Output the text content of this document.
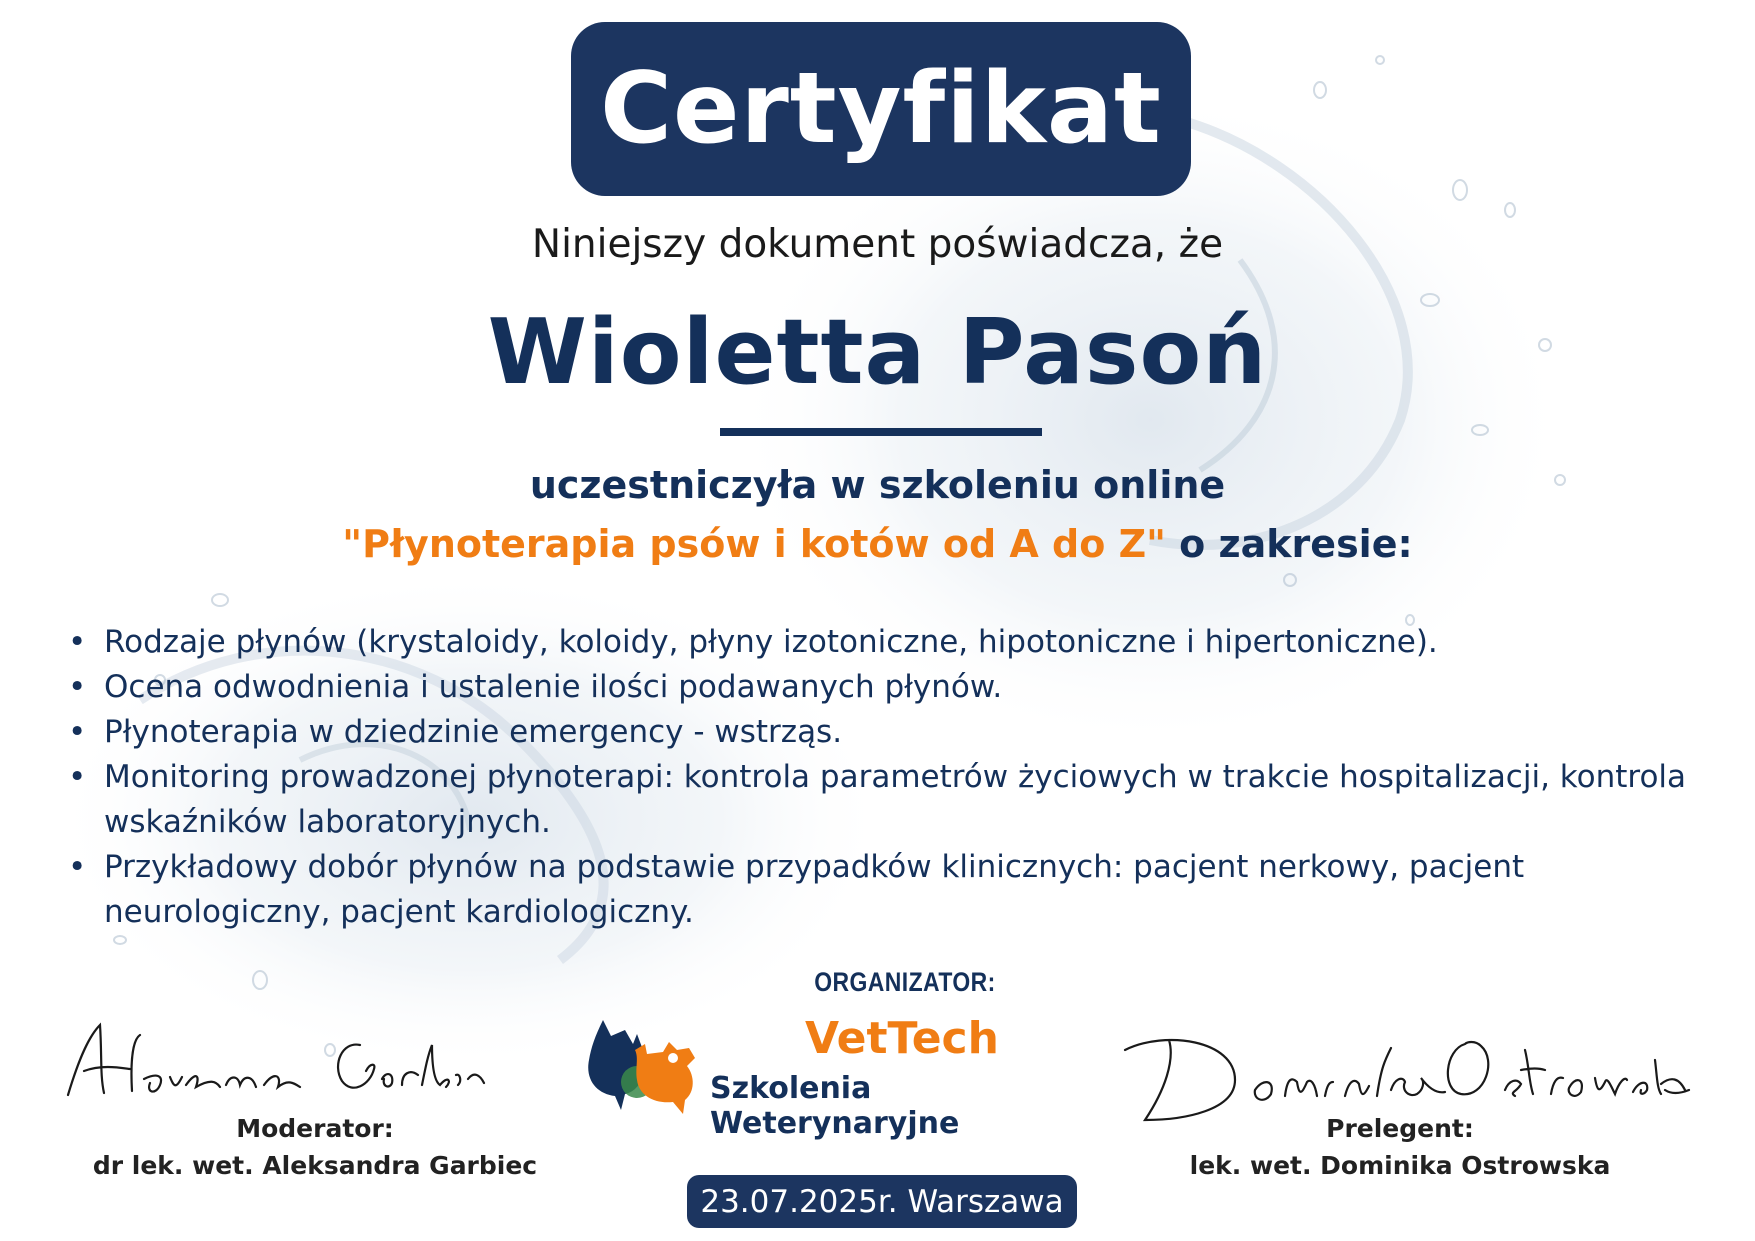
Certyfikat
Niniejszy dokument poświadcza, że
Wioletta Pasoń
uczestniczyła w szkoleniu online
"Płynoterapia psów i kotów od A do Z" o zakresie:
• Rodzaje płynów (krystaloidy, koloidy, płyny izotoniczne, hipotoniczne i hipertoniczne).
• Ocena odwodnienia i ustalenie ilości podawanych płynów.
• Płynoterapia w dziedzinie emergency - wstrząs.
• Monitoring prowadzonej płynoterapi: kontrola parametrów życiowych w trakcie hospitalizacji, kontrola wskaźników laboratoryjnych.
• Przykładowy dobór płynów na podstawie przypadków klinicznych: pacjent nerkowy, pacjent neurologiczny, pacjent kardiologiczny.
ORGANIZATOR:
VetTech
Szkolenia Weterynaryjne
Moderator:
dr lek. wet. Aleksandra Garbiec
Prelegent:
lek. wet. Dominika Ostrowska
23.07.2025r. Warszawa
